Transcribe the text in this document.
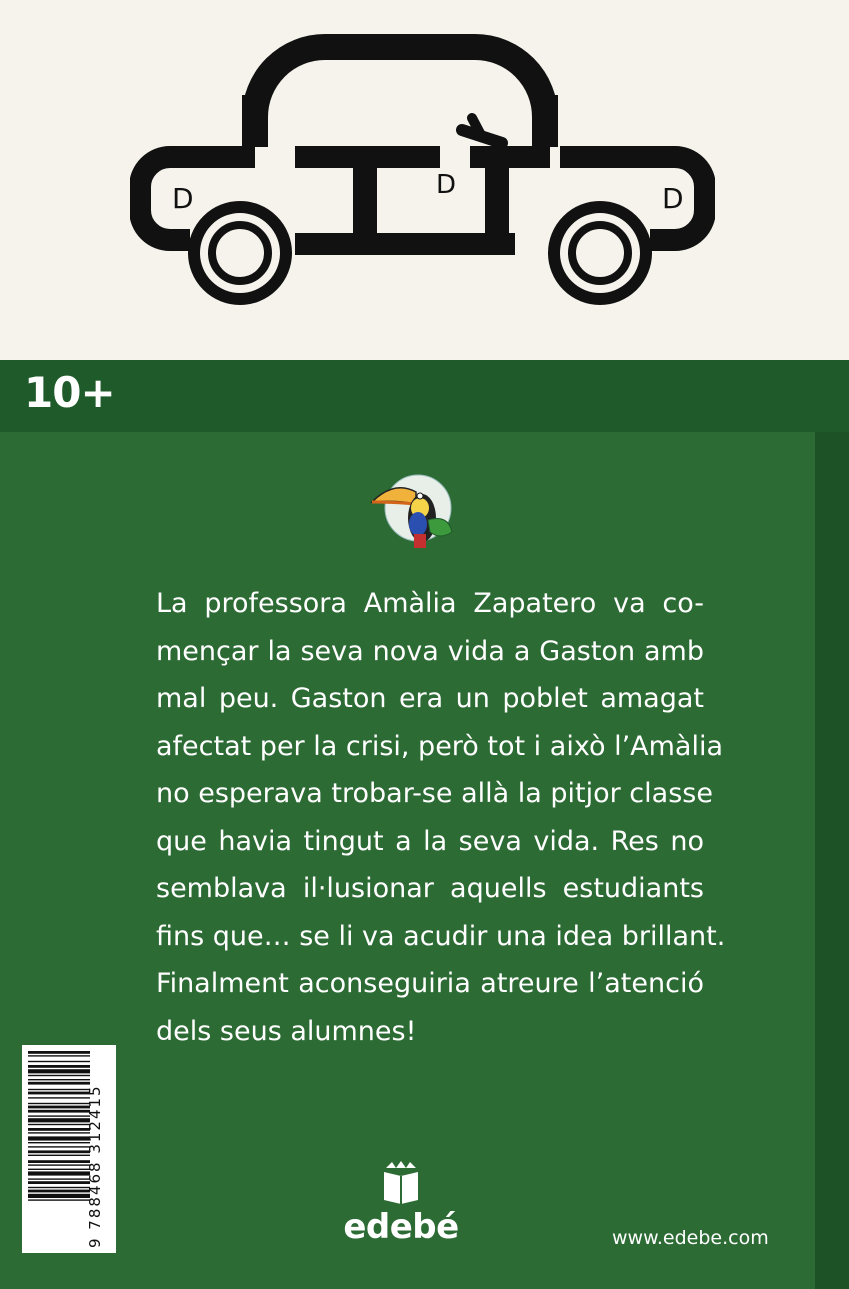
D	D	D
10+
La professora Amàlia Zapatero va co-
mençar la seva nova vida a Gaston amb
mal peu. Gaston era un poblet amagat
afectat per la crisi, però tot i això l’Amàlia
no esperava trobar-se allà la pitjor classe
que havia tingut a la seva vida. Res no
semblava il·lusionar aquells estudiants
fins que… se li va acudir una idea brillant.
Finalment aconseguiria atreure l’atenció
dels seus alumnes!
9 788468 312415	edebé	www.edebe.com
